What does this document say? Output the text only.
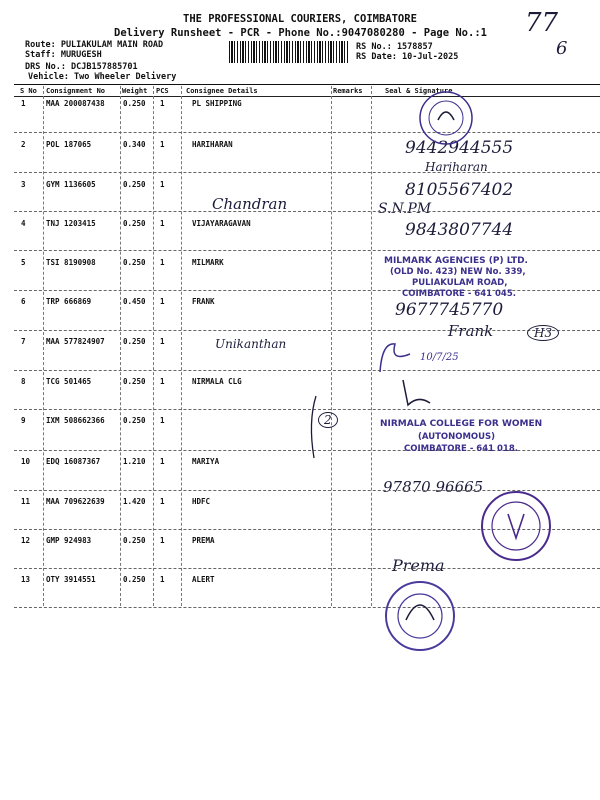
THE PROFESSIONAL COURIERS, COIMBATORE
Delivery Runsheet - PCR - Phone No.:9047080280 - Page No.:1
Route: PULIAKULAM MAIN ROAD
Staff: MURUGESH
DRS No.: DCJB157885701
Vehicle: Two Wheeler Delivery
RS No.: 1578857
RS Date: 10-Jul-2025
77
6
S No Consignment No Weight PCS Consignee Details	Remarks	Seal & Signature
1	MAA 200087438 0.250 1	PL SHIPPING
2	POL 187065	0.340 1	HARIHARAN	9442944555
Hariharan
3	GYM 1136605	0.250 1
Chandran
8105567402
S.N.PM
4	TNJ 1203415	0.250 1	VIJAYARAGAVAN	9843807744
5	TSI 8190908	0.250 1	MILMARK
6	TRP 666869	0.450 1	FRANK	9677745770
Frank
7	MAA 577824907 0.250 1	Unikanthan
10/7/25
8	TCG 501465	0.250 1	NIRMALA CLG
9	IXM 508662366 0.250 1
10 EDQ 16087367	1.210 1	MARIYA
97870 96665
11 MAA 709622639 1.420 1	HDFC
12 GMP 924983	0.250 1	PREMA
Prema
13 OTY 3914551	0.250 1	ALERT
MILMARK AGENCIES (P) LTD.
(OLD No. 423) NEW No. 339,
PULIAKULAM ROAD,
COIMBATORE - 641 045.
NIRMALA COLLEGE FOR WOMEN
(AUTONOMOUS)
COIMBATORE - 641 018.
H3
2
